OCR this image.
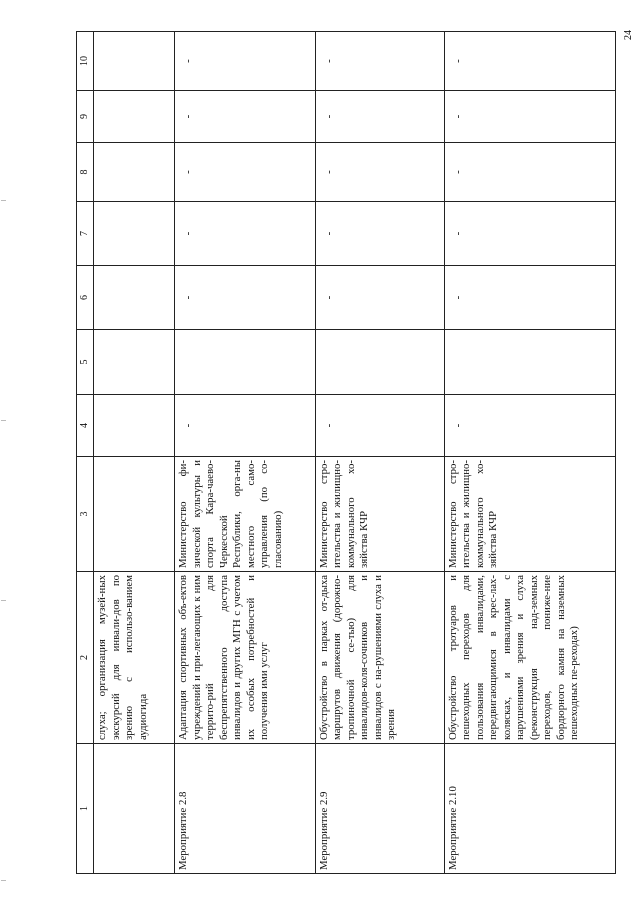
24
1	2	3	4	5	6	7	8	9	10
	слуха; организация музей-ных экскурсий для инвали-дов по зрению с использо-ванием аудиогида								
Мероприятие 2.8	Адаптация спортивных объ-ектов учреждений и при-легающих к ним террито-рий для беспрепятственного доступа инвалидов и других МГН с учетом их особых потребностей и получения ими услуг	Министерство фи-зической культуры и спорта Кара-чаево-Черкесской Республики, орга-ны местного само-управления (по со-гласованию)	-		-	-	-	-	-
Мероприятие 2.9	Обустройство в парках от-дыха маршрутов движения (дорожно-тропиночной се-тью) для инвалидов-коля-сочников и инвалидов с на-рушениями слуха и зрения	Министерство стро-ительства и жилищно-коммунального хо-зяйства КЧР	-		-	-	-	-	-
Мероприятие 2.10	Обустройство тротуаров и пешеходных переходов для пользования инвалидами, передвигающимися в крес-лах-колясках, и инвалидами с нарушениями зрения и слуха (реконструкция над-земных переходов, пониже-ние бордюрного камня на наземных пешеходных пе-реходах)	Министерство стро-ительства и жилищно-коммунального хо-зяйства КЧР	-		-	-	-	-	-
